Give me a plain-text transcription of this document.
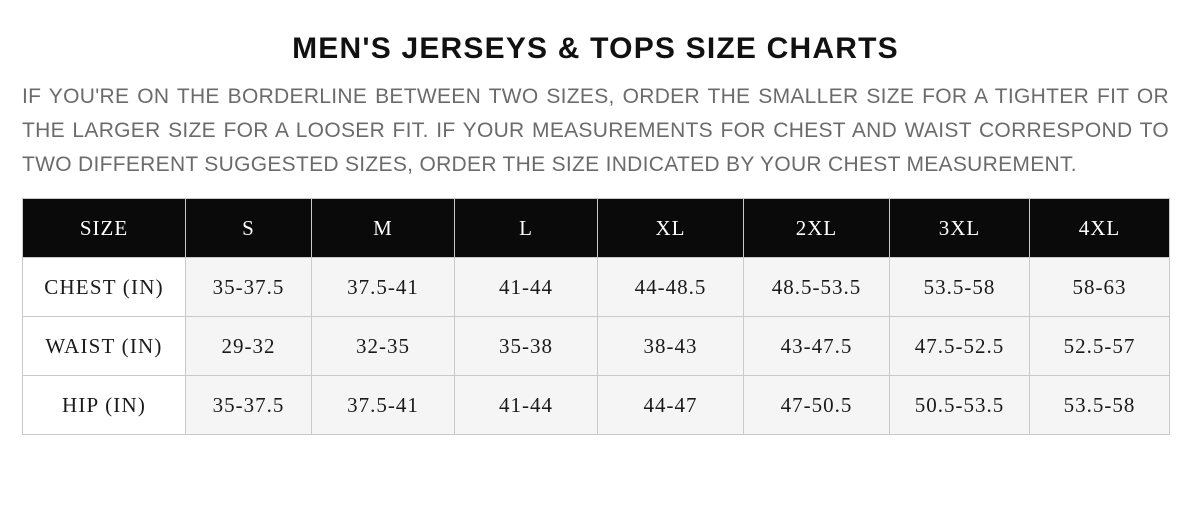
MEN'S JERSEYS & TOPS SIZE CHARTS

IF YOU'RE ON THE BORDERLINE BETWEEN TWO SIZES, ORDER THE SMALLER SIZE FOR A TIGHTER FIT OR THE LARGER SIZE FOR A LOOSER FIT. IF YOUR MEASUREMENTS FOR CHEST AND WAIST CORRESPOND TO TWO DIFFERENT SUGGESTED SIZES, ORDER THE SIZE INDICATED BY YOUR CHEST MEASUREMENT.

SIZE	S	M	L	XL	2XL	3XL	4XL
CHEST (IN)	35-37.5	37.5-41	41-44	44-48.5	48.5-53.5	53.5-58	58-63
WAIST (IN)	29-32	32-35	35-38	38-43	43-47.5	47.5-52.5	52.5-57
HIP (IN)	35-37.5	37.5-41	41-44	44-47	47-50.5	50.5-53.5	53.5-58
